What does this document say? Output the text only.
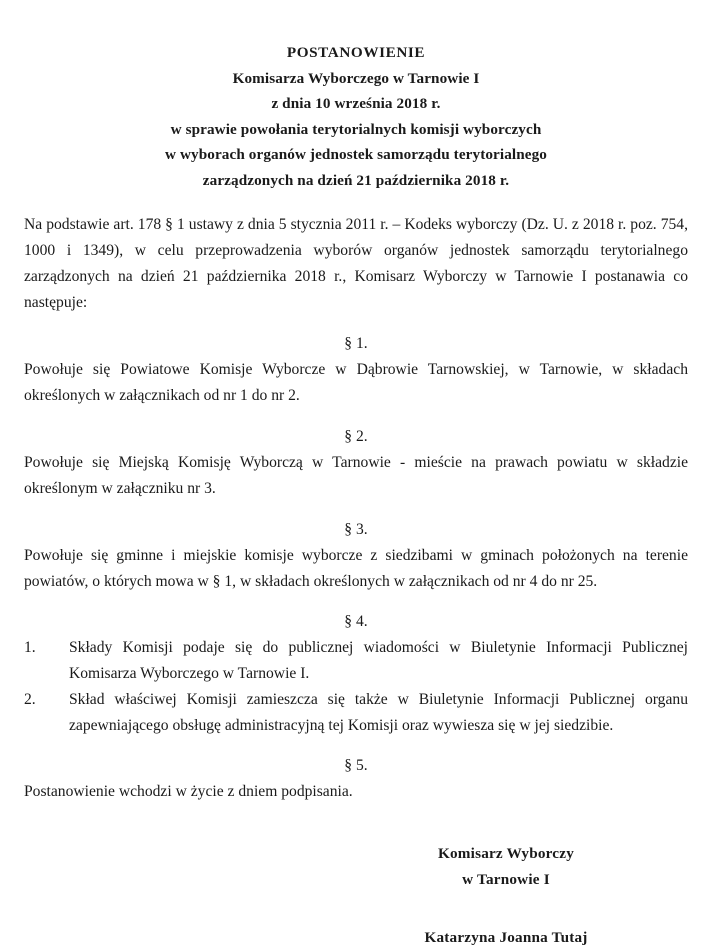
POSTANOWIENIE
Komisarza Wyborczego w Tarnowie I
z dnia 10 września 2018 r.
w sprawie powołania terytorialnych komisji wyborczych
w wyborach organów jednostek samorządu terytorialnego
zarządzonych na dzień 21 października 2018 r.

Na podstawie art. 178 § 1 ustawy z dnia 5 stycznia 2011 r. – Kodeks wyborczy (Dz. U. z 2018 r. poz. 754, 1000 i 1349), w celu przeprowadzenia wyborów organów jednostek samorządu terytorialnego zarządzonych na dzień 21 października 2018 r., Komisarz Wyborczy w Tarnowie I postanawia co następuje:

§ 1.

Powołuje się Powiatowe Komisje Wyborcze w Dąbrowie Tarnowskiej, w Tarnowie, w składach określonych w załącznikach od nr 1 do nr 2.

§ 2.

Powołuje się Miejską Komisję Wyborczą w Tarnowie - mieście na prawach powiatu w składzie określonym w załączniku nr 3.

§ 3.

Powołuje się gminne i miejskie komisje wyborcze z siedzibami w gminach położonych na terenie powiatów, o których mowa w § 1, w składach określonych w załącznikach od nr 4 do nr 25.

§ 4.
1.	Składy Komisji podaje się do publicznej wiadomości w Biuletynie Informacji Publicznej Komisarza Wyborczego w Tarnowie I.
2.	Skład właściwej Komisji zamieszcza się także w Biuletynie Informacji Publicznej organu zapewniającego obsługę administracyjną tej Komisji oraz wywiesza się w jej siedzibie.
§ 5.

Postanowienie wchodzi w życie z dniem podpisania.

Komisarz Wyborczy
w Tarnowie I
Katarzyna Joanna Tutaj
